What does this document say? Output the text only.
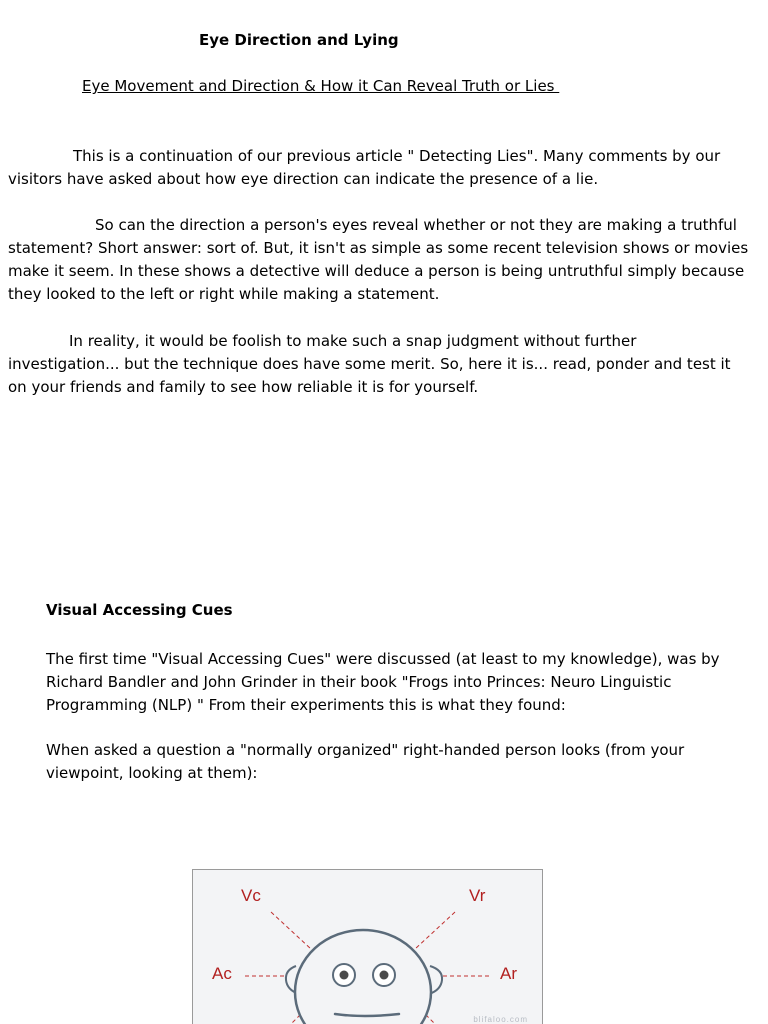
Eye Direction and Lying
Eye Movement and Direction & How it Can Reveal Truth or Lies
This is a continuation of our previous article " Detecting Lies". Many comments by our
visitors have asked about how eye direction can indicate the presence of a lie.
So can the direction a person's eyes reveal whether or not they are making a truthful
statement? Short answer: sort of. But, it isn't as simple as some recent television shows or movies
make it seem. In these shows a detective will deduce a person is being untruthful simply because
they looked to the left or right while making a statement.
In reality, it would be foolish to make such a snap judgment without further
investigation... but the technique does have some merit. So, here it is... read, ponder and test it
on your friends and family to see how reliable it is for yourself.
Visual Accessing Cues
The first time "Visual Accessing Cues" were discussed (at least to my knowledge), was by
Richard Bandler and John Grinder in their book "Frogs into Princes: Neuro Linguistic
Programming (NLP) " From their experiments this is what they found:
When asked a question a "normally organized" right-handed person looks (from your
viewpoint, looking at them):
Vc	Vr
Ac	Ar
blifaloo.com
